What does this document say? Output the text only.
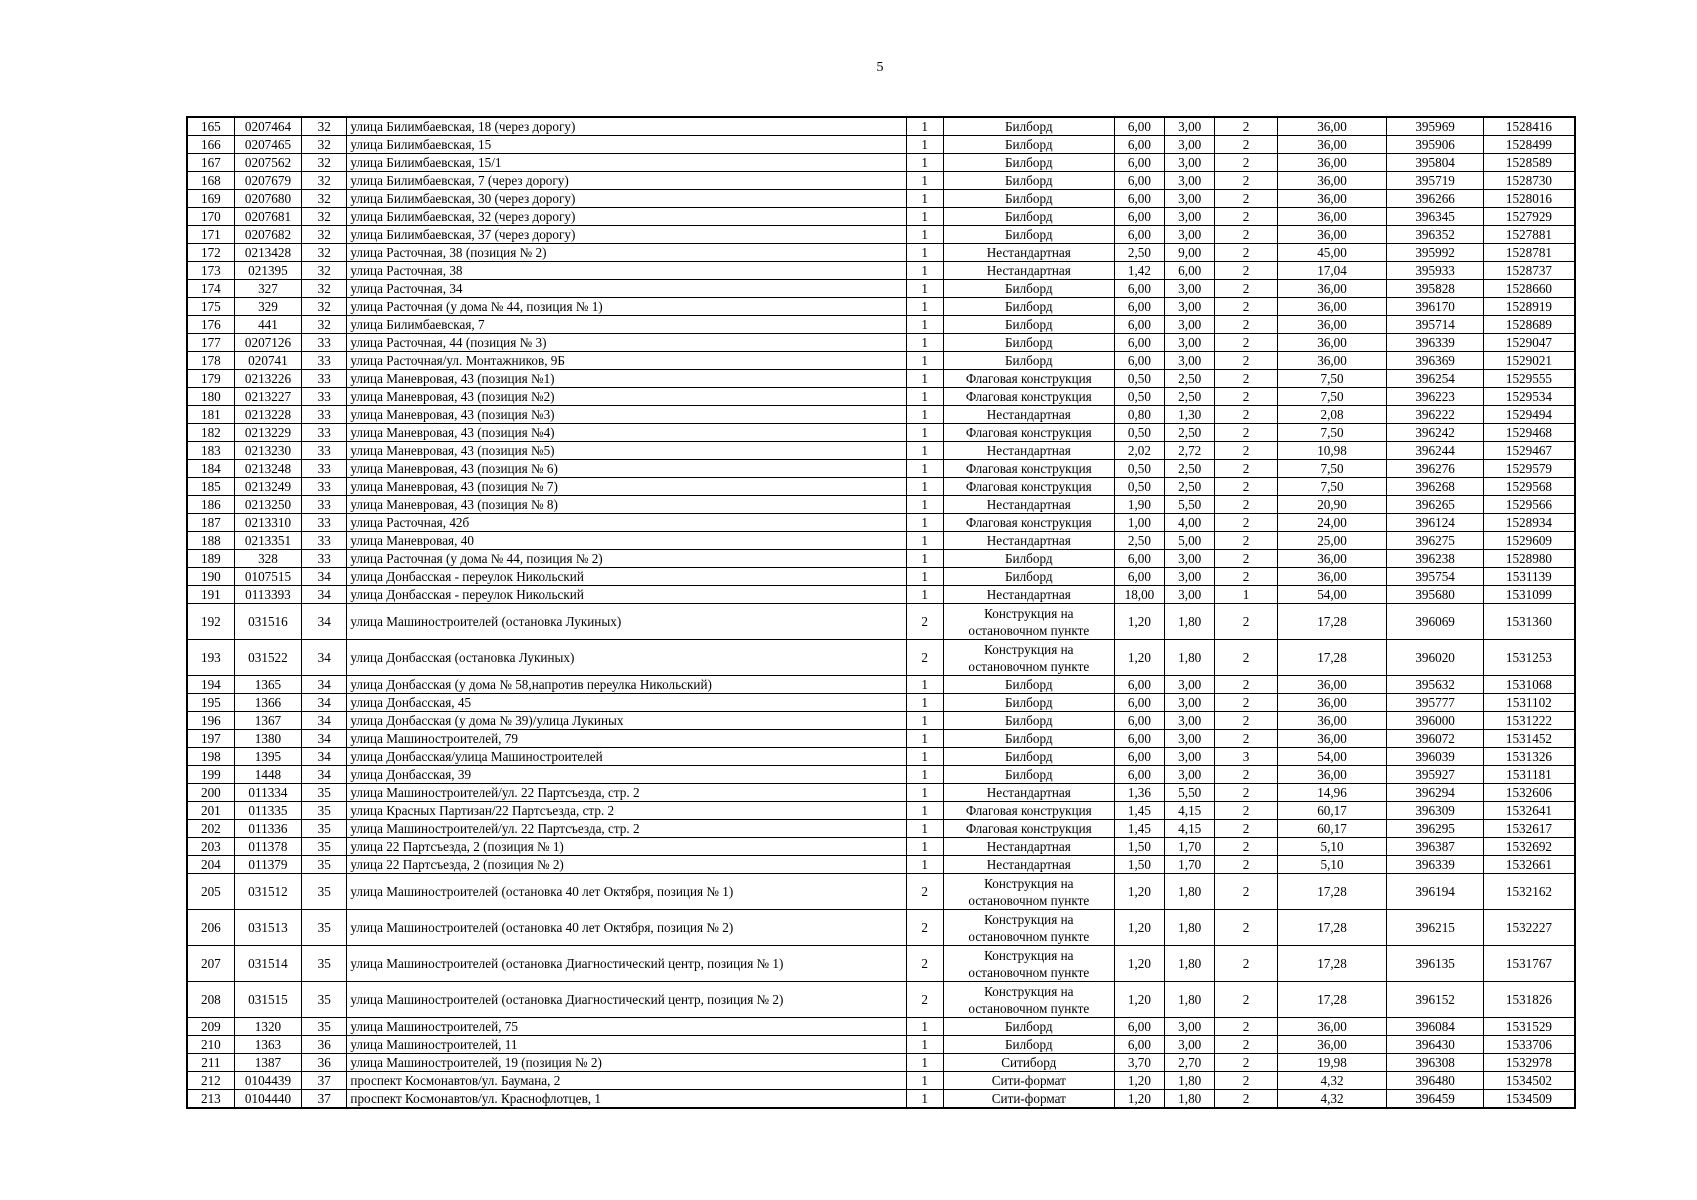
5
165	0207464	32	улица Билимбаевская, 18 (через дорогу)	1	Билборд	6,00	3,00	2	36,00	395969	1528416
166	0207465	32	улица Билимбаевская, 15	1	Билборд	6,00	3,00	2	36,00	395906	1528499
167	0207562	32	улица Билимбаевская, 15/1	1	Билборд	6,00	3,00	2	36,00	395804	1528589
168	0207679	32	улица Билимбаевская, 7 (через дорогу)	1	Билборд	6,00	3,00	2	36,00	395719	1528730
169	0207680	32	улица Билимбаевская, 30 (через дорогу)	1	Билборд	6,00	3,00	2	36,00	396266	1528016
170	0207681	32	улица Билимбаевская, 32 (через дорогу)	1	Билборд	6,00	3,00	2	36,00	396345	1527929
171	0207682	32	улица Билимбаевская, 37 (через дорогу)	1	Билборд	6,00	3,00	2	36,00	396352	1527881
172	0213428	32	улица Расточная, 38 (позиция № 2)	1	Нестандартная	2,50	9,00	2	45,00	395992	1528781
173	021395	32	улица Расточная, 38	1	Нестандартная	1,42	6,00	2	17,04	395933	1528737
174	327	32	улица Расточная, 34	1	Билборд	6,00	3,00	2	36,00	395828	1528660
175	329	32	улица Расточная (у дома № 44, позиция № 1)	1	Билборд	6,00	3,00	2	36,00	396170	1528919
176	441	32	улица Билимбаевская, 7	1	Билборд	6,00	3,00	2	36,00	395714	1528689
177	0207126	33	улица Расточная, 44 (позиция № 3)	1	Билборд	6,00	3,00	2	36,00	396339	1529047
178	020741	33	улица Расточная/ул. Монтажников, 9Б	1	Билборд	6,00	3,00	2	36,00	396369	1529021
179	0213226	33	улица Маневровая, 43 (позиция №1)	1	Флаговая конструкция	0,50	2,50	2	7,50	396254	1529555
180	0213227	33	улица Маневровая, 43 (позиция №2)	1	Флаговая конструкция	0,50	2,50	2	7,50	396223	1529534
181	0213228	33	улица Маневровая, 43 (позиция №3)	1	Нестандартная	0,80	1,30	2	2,08	396222	1529494
182	0213229	33	улица Маневровая, 43 (позиция №4)	1	Флаговая конструкция	0,50	2,50	2	7,50	396242	1529468
183	0213230	33	улица Маневровая, 43 (позиция №5)	1	Нестандартная	2,02	2,72	2	10,98	396244	1529467
184	0213248	33	улица Маневровая, 43 (позиция № 6)	1	Флаговая конструкция	0,50	2,50	2	7,50	396276	1529579
185	0213249	33	улица Маневровая, 43 (позиция № 7)	1	Флаговая конструкция	0,50	2,50	2	7,50	396268	1529568
186	0213250	33	улица Маневровая, 43 (позиция № 8)	1	Нестандартная	1,90	5,50	2	20,90	396265	1529566
187	0213310	33	улица Расточная, 42б	1	Флаговая конструкция	1,00	4,00	2	24,00	396124	1528934
188	0213351	33	улица Маневровая, 40	1	Нестандартная	2,50	5,00	2	25,00	396275	1529609
189	328	33	улица Расточная (у дома № 44, позиция № 2)	1	Билборд	6,00	3,00	2	36,00	396238	1528980
190	0107515	34	улица Донбасская - переулок Никольский	1	Билборд	6,00	3,00	2	36,00	395754	1531139
191	0113393	34	улица Донбасская - переулок Никольский	1	Нестандартная	18,00	3,00	1	54,00	395680	1531099
192	031516	34	улица Машиностроителей (остановка Лукиных)	2	Конструкция на остановочном пункте	1,20	1,80	2	17,28	396069	1531360
193	031522	34	улица Донбасская (остановка Лукиных)	2	Конструкция на остановочном пункте	1,20	1,80	2	17,28	396020	1531253
194	1365	34	улица Донбасская (у дома № 58,напротив переулка Никольский)	1	Билборд	6,00	3,00	2	36,00	395632	1531068
195	1366	34	улица Донбасская, 45	1	Билборд	6,00	3,00	2	36,00	395777	1531102
196	1367	34	улица Донбасская (у дома № 39)/улица Лукиных	1	Билборд	6,00	3,00	2	36,00	396000	1531222
197	1380	34	улица Машиностроителей, 79	1	Билборд	6,00	3,00	2	36,00	396072	1531452
198	1395	34	улица Донбасская/улица Машиностроителей	1	Билборд	6,00	3,00	3	54,00	396039	1531326
199	1448	34	улица Донбасская, 39	1	Билборд	6,00	3,00	2	36,00	395927	1531181
200	011334	35	улица Машиностроителей/ул. 22 Партсъезда, стр. 2	1	Нестандартная	1,36	5,50	2	14,96	396294	1532606
201	011335	35	улица Красных Партизан/22 Партсъезда, стр. 2	1	Флаговая конструкция	1,45	4,15	2	60,17	396309	1532641
202	011336	35	улица Машиностроителей/ул. 22 Партсъезда, стр. 2	1	Флаговая конструкция	1,45	4,15	2	60,17	396295	1532617
203	011378	35	улица 22 Партсъезда, 2 (позиция № 1)	1	Нестандартная	1,50	1,70	2	5,10	396387	1532692
204	011379	35	улица 22 Партсъезда, 2 (позиция № 2)	1	Нестандартная	1,50	1,70	2	5,10	396339	1532661
205	031512	35	улица Машиностроителей (остановка 40 лет Октября, позиция № 1)	2	Конструкция на остановочном пункте	1,20	1,80	2	17,28	396194	1532162
206	031513	35	улица Машиностроителей (остановка 40 лет Октября, позиция № 2)	2	Конструкция на остановочном пункте	1,20	1,80	2	17,28	396215	1532227
207	031514	35	улица Машиностроителей (остановка Диагностический центр, позиция № 1)	2	Конструкция на остановочном пункте	1,20	1,80	2	17,28	396135	1531767
208	031515	35	улица Машиностроителей (остановка Диагностический центр, позиция № 2)	2	Конструкция на остановочном пункте	1,20	1,80	2	17,28	396152	1531826
209	1320	35	улица Машиностроителей, 75	1	Билборд	6,00	3,00	2	36,00	396084	1531529
210	1363	36	улица Машиностроителей, 11	1	Билборд	6,00	3,00	2	36,00	396430	1533706
211	1387	36	улица Машиностроителей, 19 (позиция № 2)	1	Ситиборд	3,70	2,70	2	19,98	396308	1532978
212	0104439	37	проспект Космонавтов/ул. Баумана, 2	1	Сити-формат	1,20	1,80	2	4,32	396480	1534502
213	0104440	37	проспект Космонавтов/ул. Краснофлотцев, 1	1	Сити-формат	1,20	1,80	2	4,32	396459	1534509
